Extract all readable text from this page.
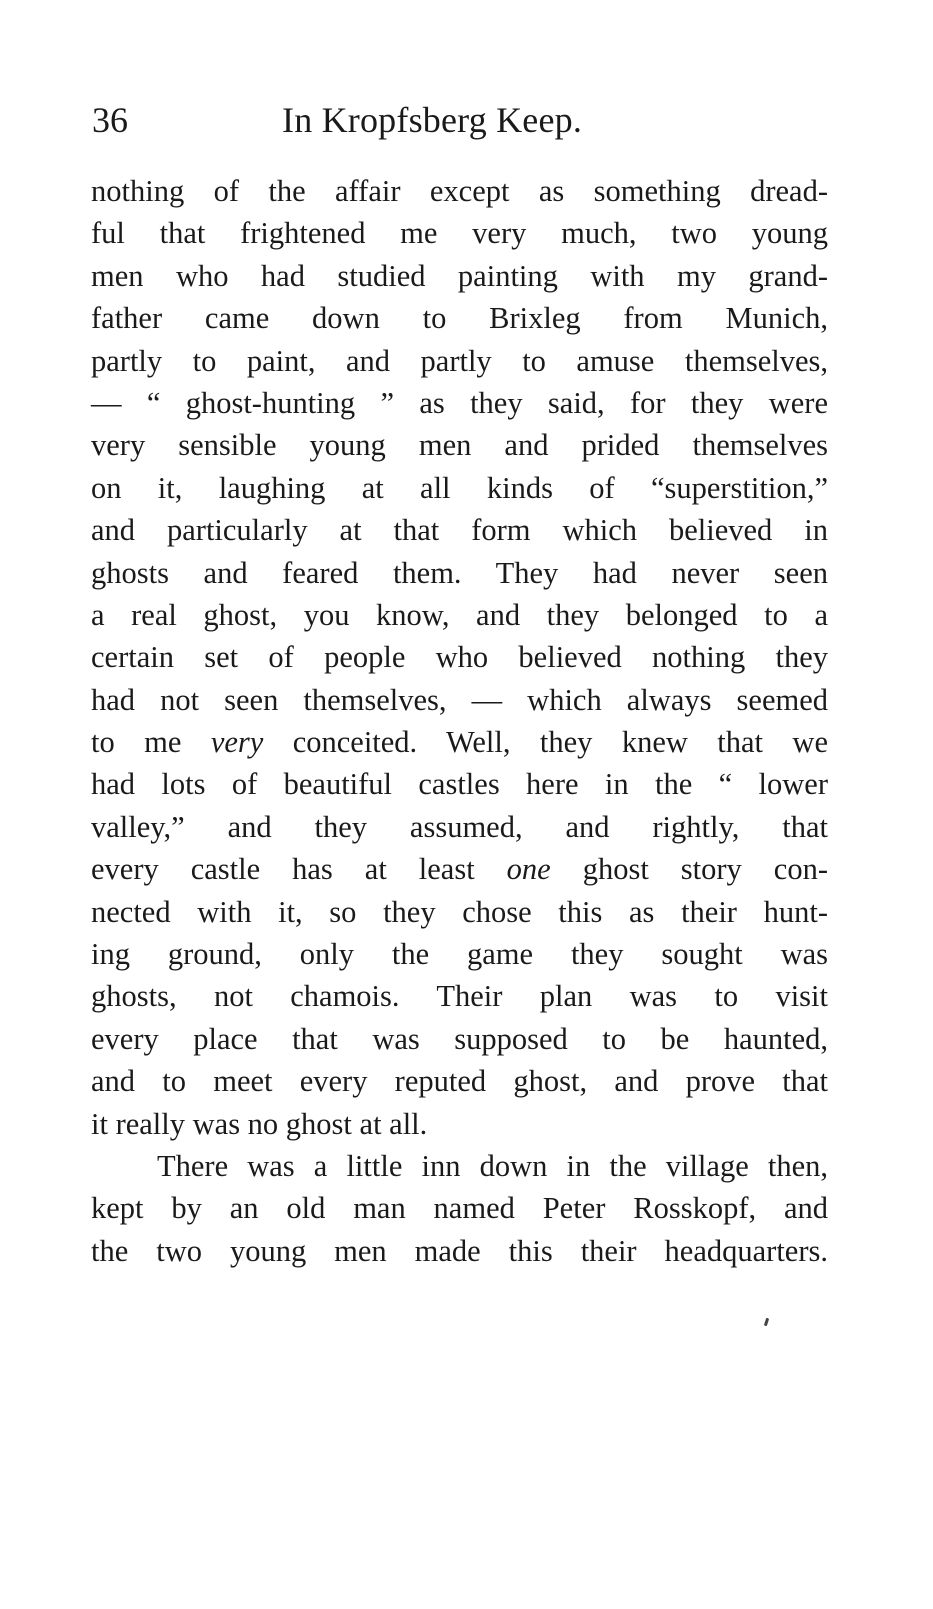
36	In Kropfsberg Keep.
nothing of the affair except as something dread-
ful that frightened me very much, two young
men who had studied painting with my grand-
father came down to Brixleg from Munich,
partly to paint, and partly to amuse themselves,
— “ ghost-hunting ” as they said, for they were
very sensible young men and prided themselves
on it, laughing at all kinds of “superstition,”
and particularly at that form which believed in
ghosts and feared them. They had never seen
a real ghost, you know, and they belonged to a
certain set of people who believed nothing they
had not seen themselves, — which always seemed
to me very conceited. Well, they knew that we
had lots of beautiful castles here in the “ lower
valley,” and they assumed, and rightly, that
every castle has at least one ghost story con-
nected with it, so they chose this as their hunt-
ing ground, only the game they sought was
ghosts, not chamois. Their plan was to visit
every place that was supposed to be haunted,
and to meet every reputed ghost, and prove that
it really was no ghost at all.
There was a little inn down in the village then,
kept by an old man named Peter Rosskopf, and
the two young men made this their headquarters.
